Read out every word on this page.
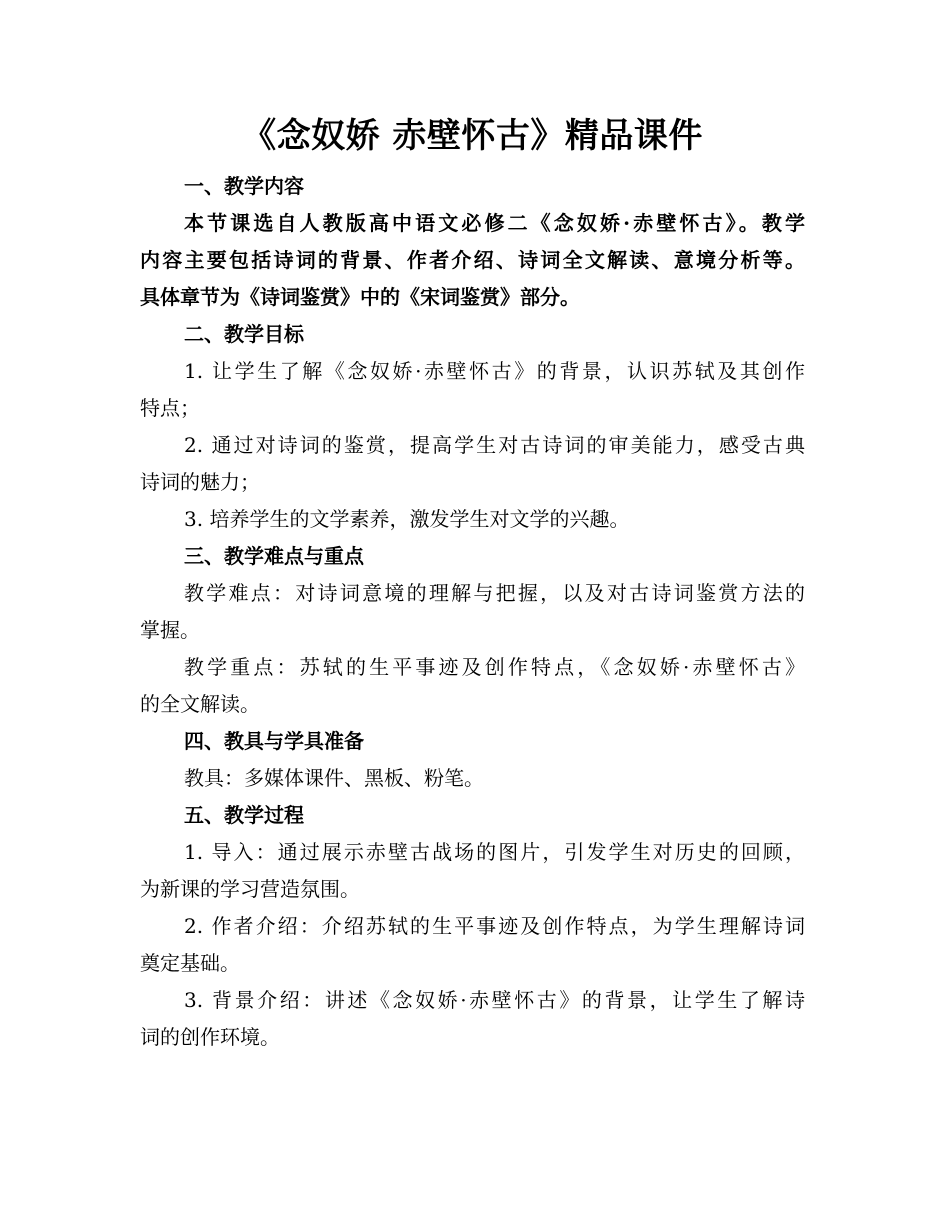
《念奴娇 赤壁怀古》精品课件

一、教学内容

本节课选自人教版高中语文必修二《念奴娇·赤壁怀古》。教学

内容主要包括诗词的背景、作者介绍、诗词全文解读、意境分析等。

具体章节为《诗词鉴赏》中的《宋词鉴赏》部分。

二、教学目标

1. 让学生了解《念奴娇·赤壁怀古》的背景，认识苏轼及其创作

特点；

2. 通过对诗词的鉴赏，提高学生对古诗词的审美能力，感受古典

诗词的魅力；

3. 培养学生的文学素养，激发学生对文学的兴趣。

三、教学难点与重点

教学难点：对诗词意境的理解与把握，以及对古诗词鉴赏方法的

掌握。

教学重点：苏轼的生平事迹及创作特点，《念奴娇·赤壁怀古》

的全文解读。

四、教具与学具准备

教具：多媒体课件、黑板、粉笔。

五、教学过程

1. 导入：通过展示赤壁古战场的图片，引发学生对历史的回顾，

为新课的学习营造氛围。

2. 作者介绍：介绍苏轼的生平事迹及创作特点，为学生理解诗词

奠定基础。

3. 背景介绍：讲述《念奴娇·赤壁怀古》的背景，让学生了解诗

词的创作环境。
